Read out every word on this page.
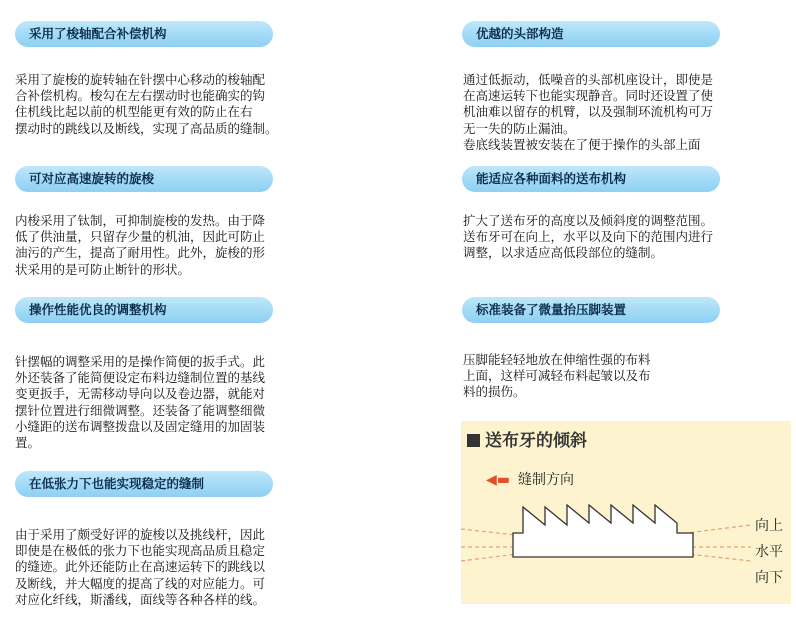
采用了梭轴配合补偿机构

采用了旋梭的旋转轴在针摆中心移动的梭轴配
合补偿机构。梭勾在左右摆动时也能确实的钩
住机线比起以前的机型能更有效的防止在右
摆动时的跳线以及断线，实现了高品质的缝制。

可对应高速旋转的旋梭

内梭采用了钛制，可抑制旋梭的发热。由于降
低了供油量，只留存少量的机油，因此可防止
油污的产生，提高了耐用性。此外，旋梭的形
状采用的是可防止断针的形状。

操作性能优良的调整机构

针摆幅的调整采用的是操作简便的扳手式。此
外还装备了能简便设定布料边缝制位置的基线
变更扳手，无需移动导向以及卷边器，就能对
摆针位置进行细微调整。还装备了能调整细微
小缝距的送布调整拨盘以及固定缝用的加固装
置。

在低张力下也能实现稳定的缝制

由于采用了颇受好评的旋梭以及挑线杆，因此
即使是在极低的张力下也能实现高品质且稳定
的缝迹。此外还能防止在高速运转下的跳线以
及断线，并大幅度的提高了线的对应能力。可
对应化纤线，斯潘线，面线等各种各样的线。

优越的头部构造

通过低振动，低噪音的头部机座设计，即使是
在高速运转下也能实现静音。同时还设置了使
机油难以留存的机臂，以及强制环流机构可万
无一失的防止漏油。
卷底线装置被安装在了便于操作的头部上面

能适应各种面料的送布机构

扩大了送布牙的高度以及倾斜度的调整范围。
送布牙可在向上，水平以及向下的范围内进行
调整，以求适应高低段部位的缝制。

标准装备了微量抬压脚装置

压脚能轻轻地放在伸缩性强的布料
上面，这样可减轻布料起皱以及布
料的损伤。

送布牙的倾斜
◀▬ 缝制方向
向上
水平
向下
